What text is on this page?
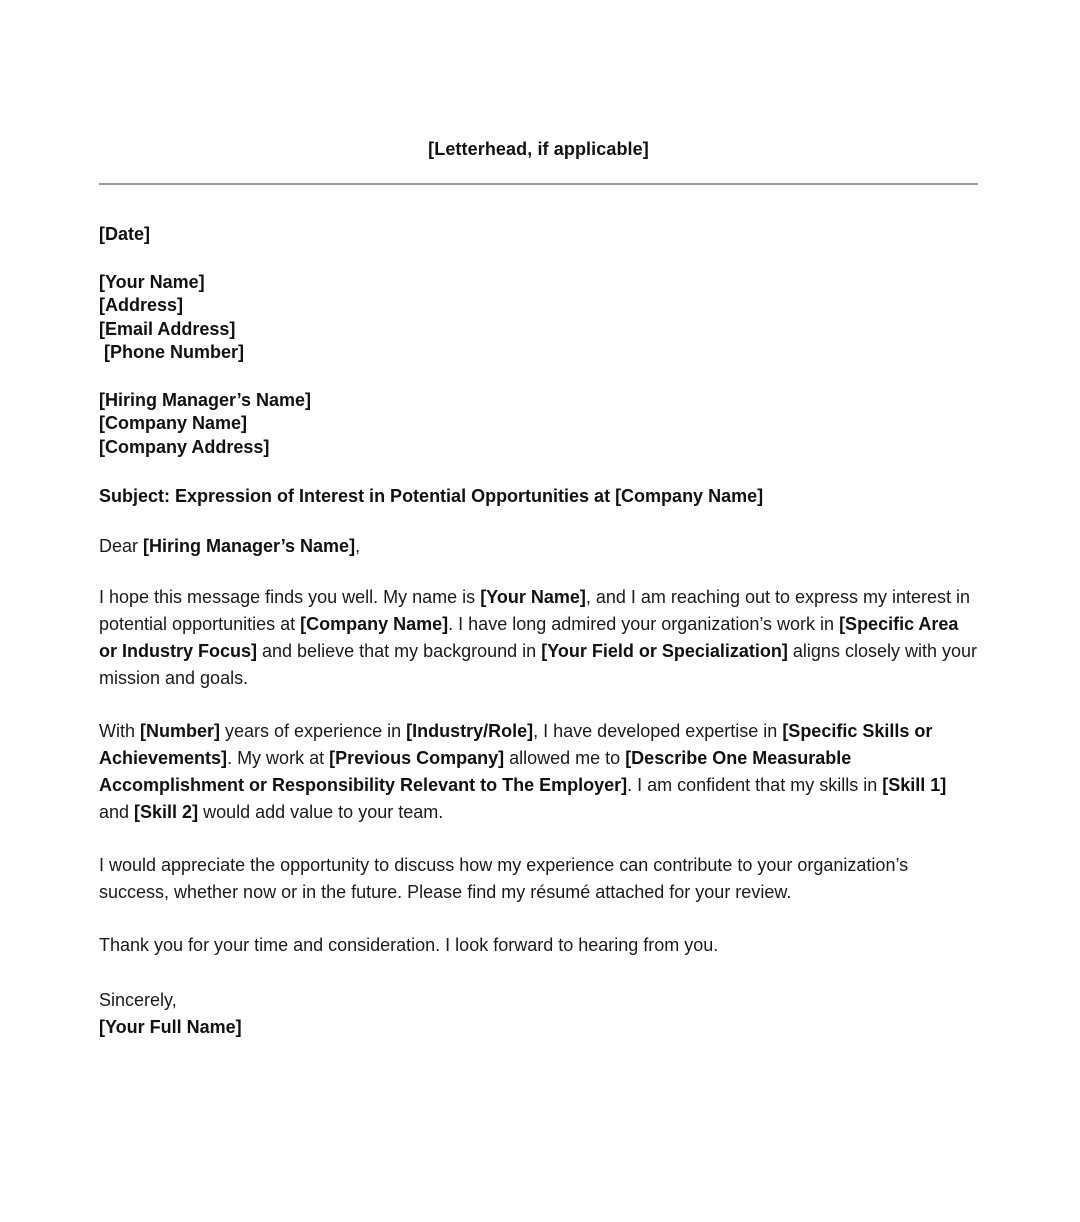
[Letterhead, if applicable]
[Date]
[Your Name]
[Address]
[Email Address]
[Phone Number]
[Hiring Manager’s Name]
[Company Name]
[Company Address]
Subject: Expression of Interest in Potential Opportunities at [Company Name]
Dear [Hiring Manager’s Name],

I hope this message finds you well. My name is [Your Name], and I am reaching out to express my interest in potential opportunities at [Company Name]. I have long admired your organization’s work in [Specific Area or Industry Focus] and believe that my background in [Your Field or Specialization] aligns closely with your mission and goals.

With [Number] years of experience in [Industry/Role], I have developed expertise in [Specific Skills or Achievements]. My work at [Previous Company] allowed me to [Describe One Measurable Accomplishment or Responsibility Relevant to The Employer]. I am confident that my skills in [Skill 1] and [Skill 2] would add value to your team.

I would appreciate the opportunity to discuss how my experience can contribute to your organization’s success, whether now or in the future. Please find my résumé attached for your review.

Thank you for your time and consideration. I look forward to hearing from you.

Sincerely,
[Your Full Name]
